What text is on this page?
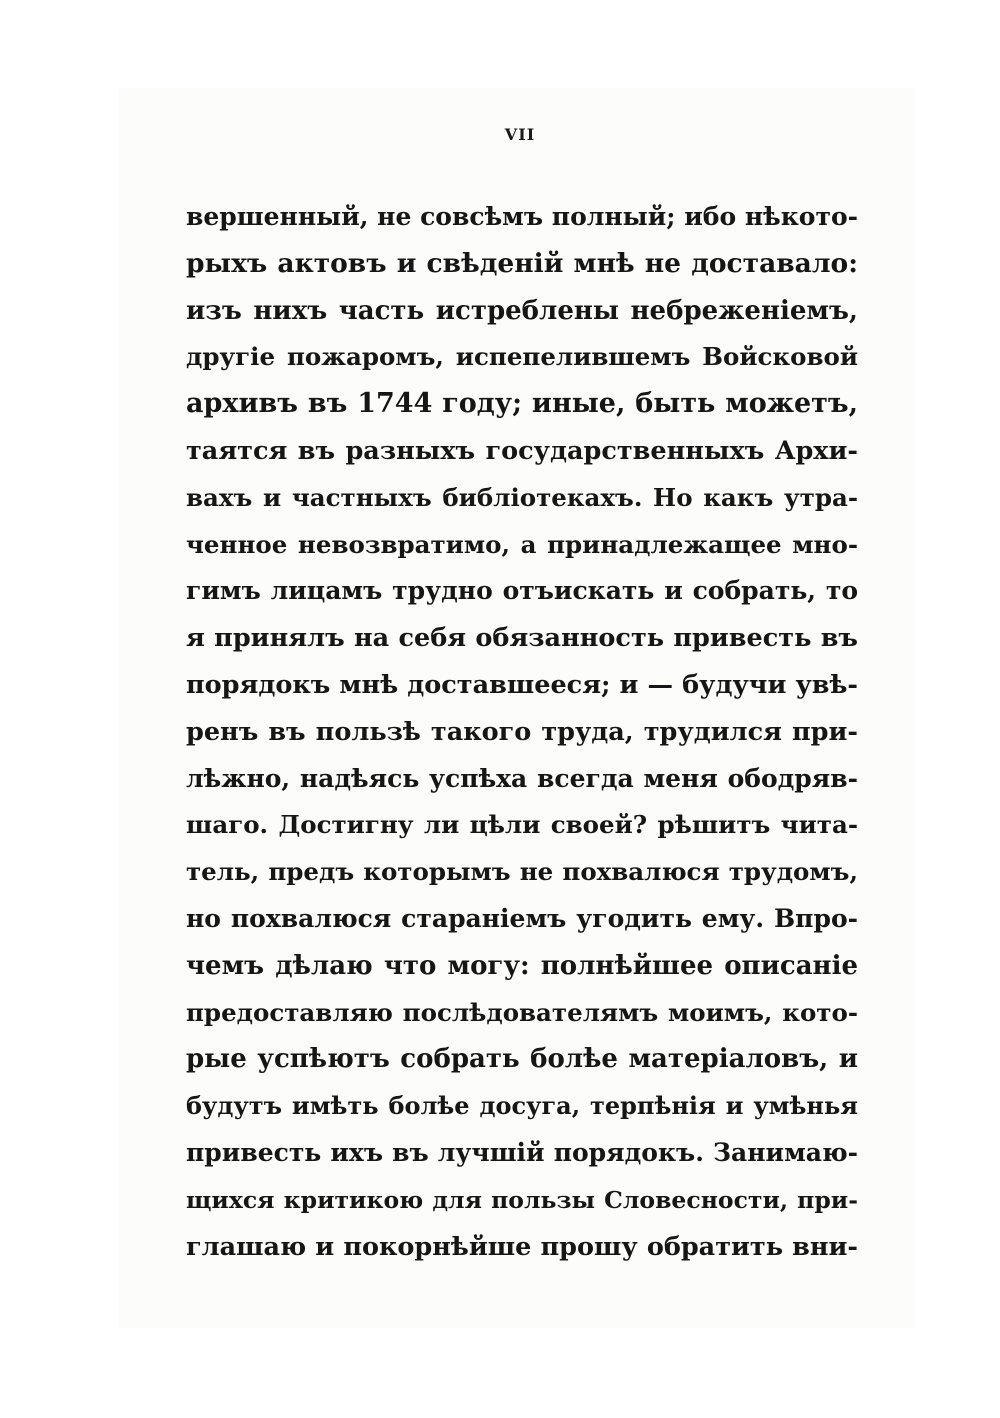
VII
вершенный, не совсѣмъ полный; ибо нѣкото-
рыхъ актовъ и свѣденій мнѣ не доставало:
изъ нихъ часть истреблены небреженіемъ,
другіе пожаромъ, испепелившемъ Войсковой
архивъ въ 1744 году; иные, быть можетъ,
таятся въ разныхъ государственныхъ Архи-
вахъ и частныхъ библіотекахъ. Но какъ утра-
ченное невозвратимо, а принадлежащее мно-
гимъ лицамъ трудно отъискать и собрать, то
я принялъ на себя обязанность привесть въ
порядокъ мнѣ доставшееся; и — будучи увѣ-
ренъ въ пользѣ такого труда, трудился при-
лѣжно, надѣясь успѣха всегда меня ободряв-
шаго. Достигну ли цѣли своей? рѣшитъ чита-
тель, предъ которымъ не похвалюся трудомъ,
но похвалюся стараніемъ угодить ему. Впро-
чемъ дѣлаю что могу: полнѣйшее описаніе
предоставляю послѣдователямъ моимъ, кото-
рые успѣютъ собрать болѣе матеріаловъ, и
будутъ имѣть болѣе досуга, терпѣнія и умѣнья
привесть ихъ въ лучшій порядокъ. Занимаю-
щихся критикою для пользы Словесности, при-
глашаю и покорнѣйше прошу обратить вни-
